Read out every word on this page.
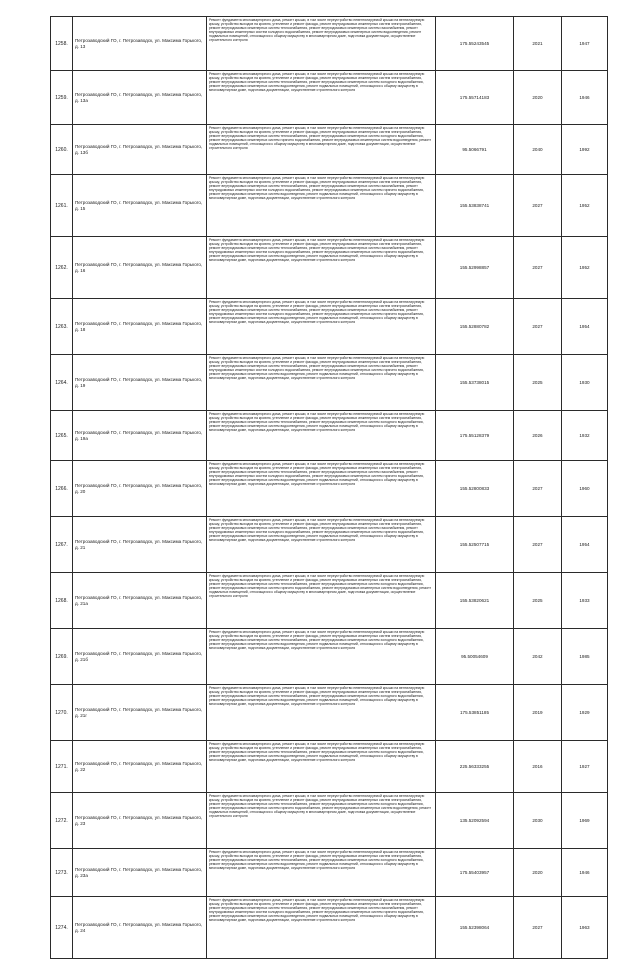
1258.	Петрозаводский ГО, г. Петрозаводск, ул. Максима Горького, д. 13	Ремонт фундамента многоквартирного дома, ремонт крыши, в том числе переустройство невентилируемой крыши на вентилируемую крышу, устройство выходов на кровлю, утепление и ремонт фасада, ремонт внутридомовых инженерных систем электроснабжения, ремонт внутридомовых инженерных систем теплоснабжения, ремонт внутридомовых инженерных систем газоснабжения, ремонт внутридомовых инженерных систем холодного водоснабжения, ремонт внутридомовых инженерных систем водоотведения, ремонт подвальных помещений, относящихся к общему имуществу в многоквартирном доме, подготовка документации, осуществление строительного контроля	175.55243545	2021	1947
1259.	Петрозаводский ГО, г. Петрозаводск, ул. Максима Горького, д. 13а	Ремонт фундамента многоквартирного дома, ремонт крыши, в том числе переустройство невентилируемой крыши на вентилируемую крышу, устройство выходов на кровлю, утепление и ремонт фасада, ремонт внутридомовых инженерных систем электроснабжения, ремонт внутридомовых инженерных систем теплоснабжения, ремонт внутридомовых инженерных систем холодного водоснабжения, ремонт внутридомовых инженерных систем водоотведения, ремонт подвальных помещений, относящихся к общему имуществу в многоквартирном доме, подготовка документации, осуществление строительного контроля	175.55714183	2020	1946
1260.	Петрозаводский ГО, г. Петрозаводск, ул. Максима Горького, д. 13б	Ремонт фундамента многоквартирного дома, ремонт крыши, в том числе переустройство невентилируемой крыши на вентилируемую крышу, устройство выходов на кровлю, утепление и ремонт фасада, ремонт внутридомовых инженерных систем электроснабжения, ремонт внутридомовых инженерных систем теплоснабжения, ремонт внутридомовых инженерных систем холодного водоснабжения, ремонт внутридомовых инженерных систем горячего водоснабжения, ремонт внутридомовых инженерных систем водоотведения, ремонт подвальных помещений, относящихся к общему имуществу в многоквартирном доме, подготовка документации, осуществление строительного контроля	95.5066791	2040	1992
1261.	Петрозаводский ГО, г. Петрозаводск, ул. Максима Горького, д. 15	Ремонт фундамента многоквартирного дома, ремонт крыши, в том числе переустройство невентилируемой крыши на вентилируемую крышу, устройство выходов на кровлю, утепление и ремонт фасада, ремонт внутридомовых инженерных систем электроснабжения, ремонт внутридомовых инженерных систем теплоснабжения, ремонт внутридомовых инженерных систем газоснабжения, ремонт внутридомовых инженерных систем холодного водоснабжения, ремонт внутридомовых инженерных систем горячего водоснабжения, ремонт внутридомовых инженерных систем водоотведения, ремонт подвальных помещений, относящихся к общему имуществу в многоквартирном доме, подготовка документации, осуществление строительного контроля	155.53838741	2027	1952
1262.	Петрозаводский ГО, г. Петрозаводск, ул. Максима Горького, д. 16	Ремонт фундамента многоквартирного дома, ремонт крыши, в том числе переустройство невентилируемой крыши на вентилируемую крышу, устройство выходов на кровлю, утепление и ремонт фасада, ремонт внутридомовых инженерных систем электроснабжения, ремонт внутридомовых инженерных систем теплоснабжения, ремонт внутридомовых инженерных систем газоснабжения, ремонт внутридомовых инженерных систем холодного водоснабжения, ремонт внутридомовых инженерных систем горячего водоснабжения, ремонт внутридомовых инженерных систем водоотведения, ремонт подвальных помещений, относящихся к общему имуществу в многоквартирном доме, подготовка документации, осуществление строительного контроля	155.52998857	2027	1952
1263.	Петрозаводский ГО, г. Петрозаводск, ул. Максима Горького, д. 18	Ремонт фундамента многоквартирного дома, ремонт крыши, в том числе переустройство невентилируемой крыши на вентилируемую крышу, устройство выходов на кровлю, утепление и ремонт фасада, ремонт внутридомовых инженерных систем электроснабжения, ремонт внутридомовых инженерных систем теплоснабжения, ремонт внутридомовых инженерных систем газоснабжения, ремонт внутридомовых инженерных систем холодного водоснабжения, ремонт внутридомовых инженерных систем горячего водоснабжения, ремонт внутридомовых инженерных систем водоотведения, ремонт подвальных помещений, относящихся к общему имуществу в многоквартирном доме, подготовка документации, осуществление строительного контроля	155.52880782	2027	1954
1264.	Петрозаводский ГО, г. Петрозаводск, ул. Максима Горького, д. 19	Ремонт фундамента многоквартирного дома, ремонт крыши, в том числе переустройство невентилируемой крыши на вентилируемую крышу, устройство выходов на кровлю, утепление и ремонт фасада, ремонт внутридомовых инженерных систем электроснабжения, ремонт внутридомовых инженерных систем теплоснабжения, ремонт внутридомовых инженерных систем газоснабжения, ремонт внутридомовых инженерных систем холодного водоснабжения, ремонт внутридомовых инженерных систем горячего водоснабжения, ремонт внутридомовых инженерных систем водоотведения, ремонт подвальных помещений, относящихся к общему имуществу в многоквартирном доме, подготовка документации, осуществление строительного контроля	155.53738015	2025	1930
1265.	Петрозаводский ГО, г. Петрозаводск, ул. Максима Горького, д. 19а	Ремонт фундамента многоквартирного дома, ремонт крыши, в том числе переустройство невентилируемой крыши на вентилируемую крышу, устройство выходов на кровлю, утепление и ремонт фасада, ремонт внутридомовых инженерных систем электроснабжения, ремонт внутридомовых инженерных систем теплоснабжения, ремонт внутридомовых инженерных систем холодного водоснабжения, ремонт внутридомовых инженерных систем водоотведения, ремонт подвальных помещений, относящихся к общему имуществу в многоквартирном доме, подготовка документации, осуществление строительного контроля	175.55128379	2026	1932
1266.	Петрозаводский ГО, г. Петрозаводск, ул. Максима Горького, д. 20	Ремонт фундамента многоквартирного дома, ремонт крыши, в том числе переустройство невентилируемой крыши на вентилируемую крышу, устройство выходов на кровлю, утепление и ремонт фасада, ремонт внутридомовых инженерных систем электроснабжения, ремонт внутридомовых инженерных систем теплоснабжения, ремонт внутридомовых инженерных систем газоснабжения, ремонт внутридомовых инженерных систем холодного водоснабжения, ремонт внутридомовых инженерных систем горячего водоснабжения, ремонт внутридомовых инженерных систем водоотведения, ремонт подвальных помещений, относящихся к общему имуществу в многоквартирном доме, подготовка документации, осуществление строительного контроля	155.52800833	2027	1960
1267.	Петрозаводский ГО, г. Петрозаводск, ул. Максима Горького, д. 21	Ремонт фундамента многоквартирного дома, ремонт крыши, в том числе переустройство невентилируемой крыши на вентилируемую крышу, устройство выходов на кровлю, утепление и ремонт фасада, ремонт внутридомовых инженерных систем электроснабжения, ремонт внутридомовых инженерных систем теплоснабжения, ремонт внутридомовых инженерных систем газоснабжения, ремонт внутридомовых инженерных систем холодного водоснабжения, ремонт внутридомовых инженерных систем горячего водоснабжения, ремонт внутридомовых инженерных систем водоотведения, ремонт подвальных помещений, относящихся к общему имуществу в многоквартирном доме, подготовка документации, осуществление строительного контроля	155.52507715	2027	1954
1268.	Петрозаводский ГО, г. Петрозаводск, ул. Максима Горького, д. 21а	Ремонт фундамента многоквартирного дома, ремонт крыши, в том числе переустройство невентилируемой крыши на вентилируемую крышу, устройство выходов на кровлю, утепление и ремонт фасада, ремонт внутридомовых инженерных систем электроснабжения, ремонт внутридомовых инженерных систем теплоснабжения, ремонт внутридомовых инженерных систем холодного водоснабжения, ремонт внутридомовых инженерных систем горячего водоснабжения, ремонт внутридомовых инженерных систем водоотведения, ремонт подвальных помещений, относящихся к общему имуществу в многоквартирном доме, подготовка документации, осуществление строительного контроля	155.53820621	2025	1933
1269.	Петрозаводский ГО, г. Петрозаводск, ул. Максима Горького, д. 21б	Ремонт фундамента многоквартирного дома, ремонт крыши, в том числе переустройство невентилируемой крыши на вентилируемую крышу, устройство выходов на кровлю, утепление и ремонт фасада, ремонт внутридомовых инженерных систем электроснабжения, ремонт внутридомовых инженерных систем теплоснабжения, ремонт внутридомовых инженерных систем холодного водоснабжения, ремонт внутридомовых инженерных систем водоотведения, ремонт подвальных помещений, относящихся к общему имуществу в многоквартирном доме, подготовка документации, осуществление строительного контроля	95.50054609	2042	1985
1270.	Петрозаводский ГО, г. Петрозаводск, ул. Максима Горького, д. 21г	Ремонт фундамента многоквартирного дома, ремонт крыши, в том числе переустройство невентилируемой крыши на вентилируемую крышу, устройство выходов на кровлю, утепление и ремонт фасада, ремонт внутридомовых инженерных систем электроснабжения, ремонт внутридомовых инженерных систем теплоснабжения, ремонт внутридомовых инженерных систем холодного водоснабжения, ремонт внутридомовых инженерных систем водоотведения, ремонт подвальных помещений, относящихся к общему имуществу в многоквартирном доме, подготовка документации, осуществление строительного контроля	175.53851185	2019	1929
1271.	Петрозаводский ГО, г. Петрозаводск, ул. Максима Горького, д. 22	Ремонт фундамента многоквартирного дома, ремонт крыши, в том числе переустройство невентилируемой крыши на вентилируемую крышу, устройство выходов на кровлю, утепление и ремонт фасада, ремонт внутридомовых инженерных систем электроснабжения, ремонт внутридомовых инженерных систем теплоснабжения, ремонт внутридомовых инженерных систем холодного водоснабжения, ремонт внутридомовых инженерных систем водоотведения, ремонт подвальных помещений, относящихся к общему имуществу в многоквартирном доме, подготовка документации, осуществление строительного контроля	225.56333255	2016	1927
1272.	Петрозаводский ГО, г. Петрозаводск, ул. Максима Горького, д. 23	Ремонт фундамента многоквартирного дома, ремонт крыши, в том числе переустройство невентилируемой крыши на вентилируемую крышу, устройство выходов на кровлю, утепление и ремонт фасада, ремонт внутридомовых инженерных систем электроснабжения, ремонт внутридомовых инженерных систем теплоснабжения, ремонт внутридомовых инженерных систем холодного водоснабжения, ремонт внутридомовых инженерных систем горячего водоснабжения, ремонт внутридомовых инженерных систем водоотведения, ремонт подвальных помещений, относящихся к общему имуществу в многоквартирном доме, подготовка документации, осуществление строительного контроля	135.52092594	2030	1969
1273.	Петрозаводский ГО, г. Петрозаводск, ул. Максима Горького, д. 23а	Ремонт фундамента многоквартирного дома, ремонт крыши, в том числе переустройство невентилируемой крыши на вентилируемую крышу, устройство выходов на кровлю, утепление и ремонт фасада, ремонт внутридомовых инженерных систем электроснабжения, ремонт внутридомовых инженерных систем теплоснабжения, ремонт внутридомовых инженерных систем холодного водоснабжения, ремонт внутридомовых инженерных систем водоотведения, ремонт подвальных помещений, относящихся к общему имуществу в многоквартирном доме, подготовка документации, осуществление строительного контроля	175.55403957	2020	1946
1274.	Петрозаводский ГО, г. Петрозаводск, ул. Максима Горького, д. 24	Ремонт фундамента многоквартирного дома, ремонт крыши, в том числе переустройство невентилируемой крыши на вентилируемую крышу, устройство выходов на кровлю, утепление и ремонт фасада, ремонт внутридомовых инженерных систем электроснабжения, ремонт внутридомовых инженерных систем теплоснабжения, ремонт внутридомовых инженерных систем газоснабжения, ремонт внутридомовых инженерных систем холодного водоснабжения, ремонт внутридомовых инженерных систем горячего водоснабжения, ремонт внутридомовых инженерных систем водоотведения, ремонт подвальных помещений, относящихся к общему имуществу в многоквартирном доме, подготовка документации, осуществление строительного контроля	155.52398064	2027	1963
